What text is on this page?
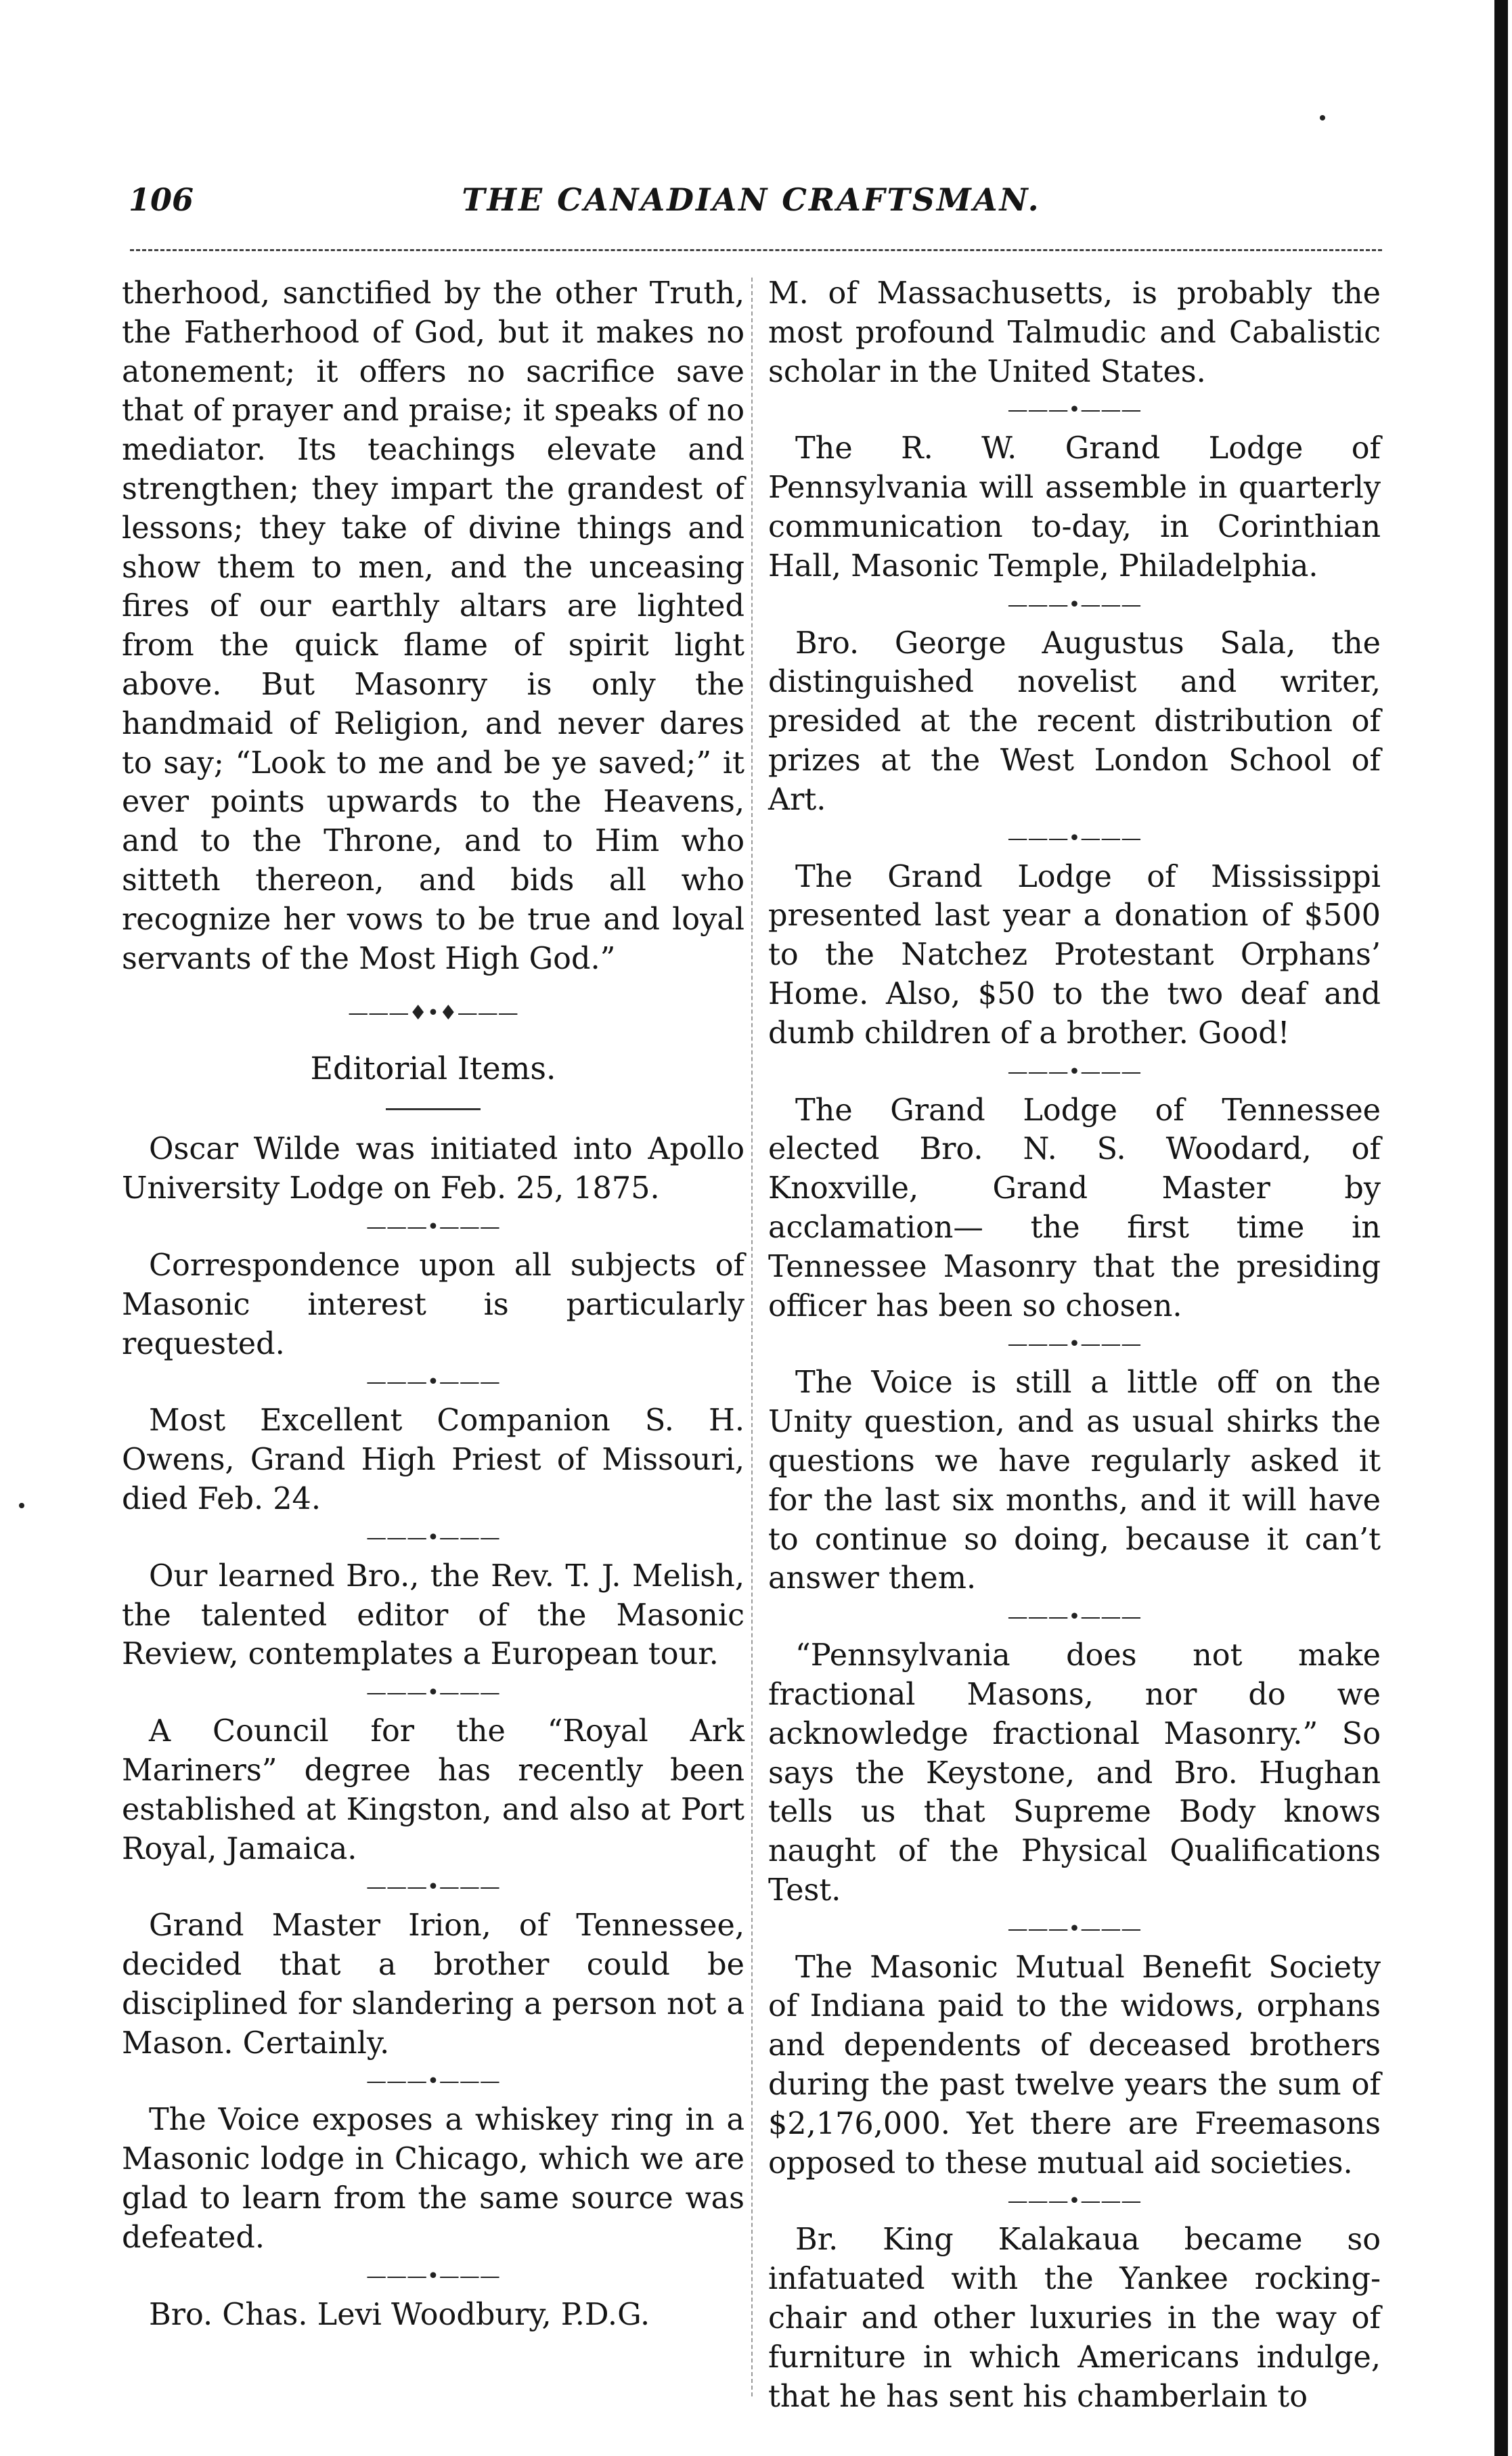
106	THE CANADIAN CRAFTSMAN.

therhood, sanctified by the other Truth, the Fatherhood of God, but it makes no atonement; it offers no sacrifice save that of prayer and praise; it speaks of no mediator. Its teachings elevate and strengthen; they impart the grandest of lessons; they take of divine things and show them to men, and the unceasing fires of our earthly altars are lighted from the quick flame of spirit light above. But Masonry is only the handmaid of Religion, and never dares to say; “Look to me and be ye saved;” it ever points upwards to the Heavens, and to the Throne, and to Him who sitteth thereon, and bids all who recognize her vows to be true and loyal servants of the Most High God.”

———♦•♦———

Editorial Items.

Oscar Wilde was initiated into Apollo University Lodge on Feb. 25, 1875.

———•———

Correspondence upon all subjects of Masonic interest is particularly requested.

———•———

Most Excellent Companion S. H. Owens, Grand High Priest of Missouri, died Feb. 24.

———•———

Our learned Bro., the Rev. T. J. Melish, the talented editor of the Masonic Review, contemplates a European tour.

———•———

A Council for the “Royal Ark Mariners” degree has recently been established at Kingston, and also at Port Royal, Jamaica.

———•———

Grand Master Irion, of Tennessee, decided that a brother could be disciplined for slandering a person not a Mason. Certainly.

———•———

The Voice exposes a whiskey ring in a Masonic lodge in Chicago, which we are glad to learn from the same source was defeated.

———•———

Bro. Chas. Levi Woodbury, P.D.G.

M. of Massachusetts, is probably the most profound Talmudic and Cabalistic scholar in the United States.

———•———

The R. W. Grand Lodge of Pennsylvania will assemble in quarterly communication to-day, in Corinthian Hall, Masonic Temple, Philadelphia.

———•———

Bro. George Augustus Sala, the distinguished novelist and writer, presided at the recent distribution of prizes at the West London School of Art.

———•———

The Grand Lodge of Mississippi presented last year a donation of $500 to the Natchez Protestant Orphans’ Home. Also, $50 to the two deaf and dumb children of a brother. Good!

———•———

The Grand Lodge of Tennessee elected Bro. N. S. Woodard, of Knoxville, Grand Master by acclamation— the first time in Tennessee Masonry that the presiding officer has been so chosen.

———•———

The Voice is still a little off on the Unity question, and as usual shirks the questions we have regularly asked it for the last six months, and it will have to continue so doing, because it can’t answer them.

———•———

“Pennsylvania does not make fractional Masons, nor do we acknowledge fractional Masonry.” So says the Keystone, and Bro. Hughan tells us that Supreme Body knows naught of the Physical Qualifications Test.

———•———

The Masonic Mutual Benefit Society of Indiana paid to the widows, orphans and dependents of deceased brothers during the past twelve years the sum of $2,176,000. Yet there are Freemasons opposed to these mutual aid societies.

———•———

Br. King Kalakaua became so infatuated with the Yankee rocking-chair and other luxuries in the way of furniture in which Americans indulge, that he has sent his chamberlain to
